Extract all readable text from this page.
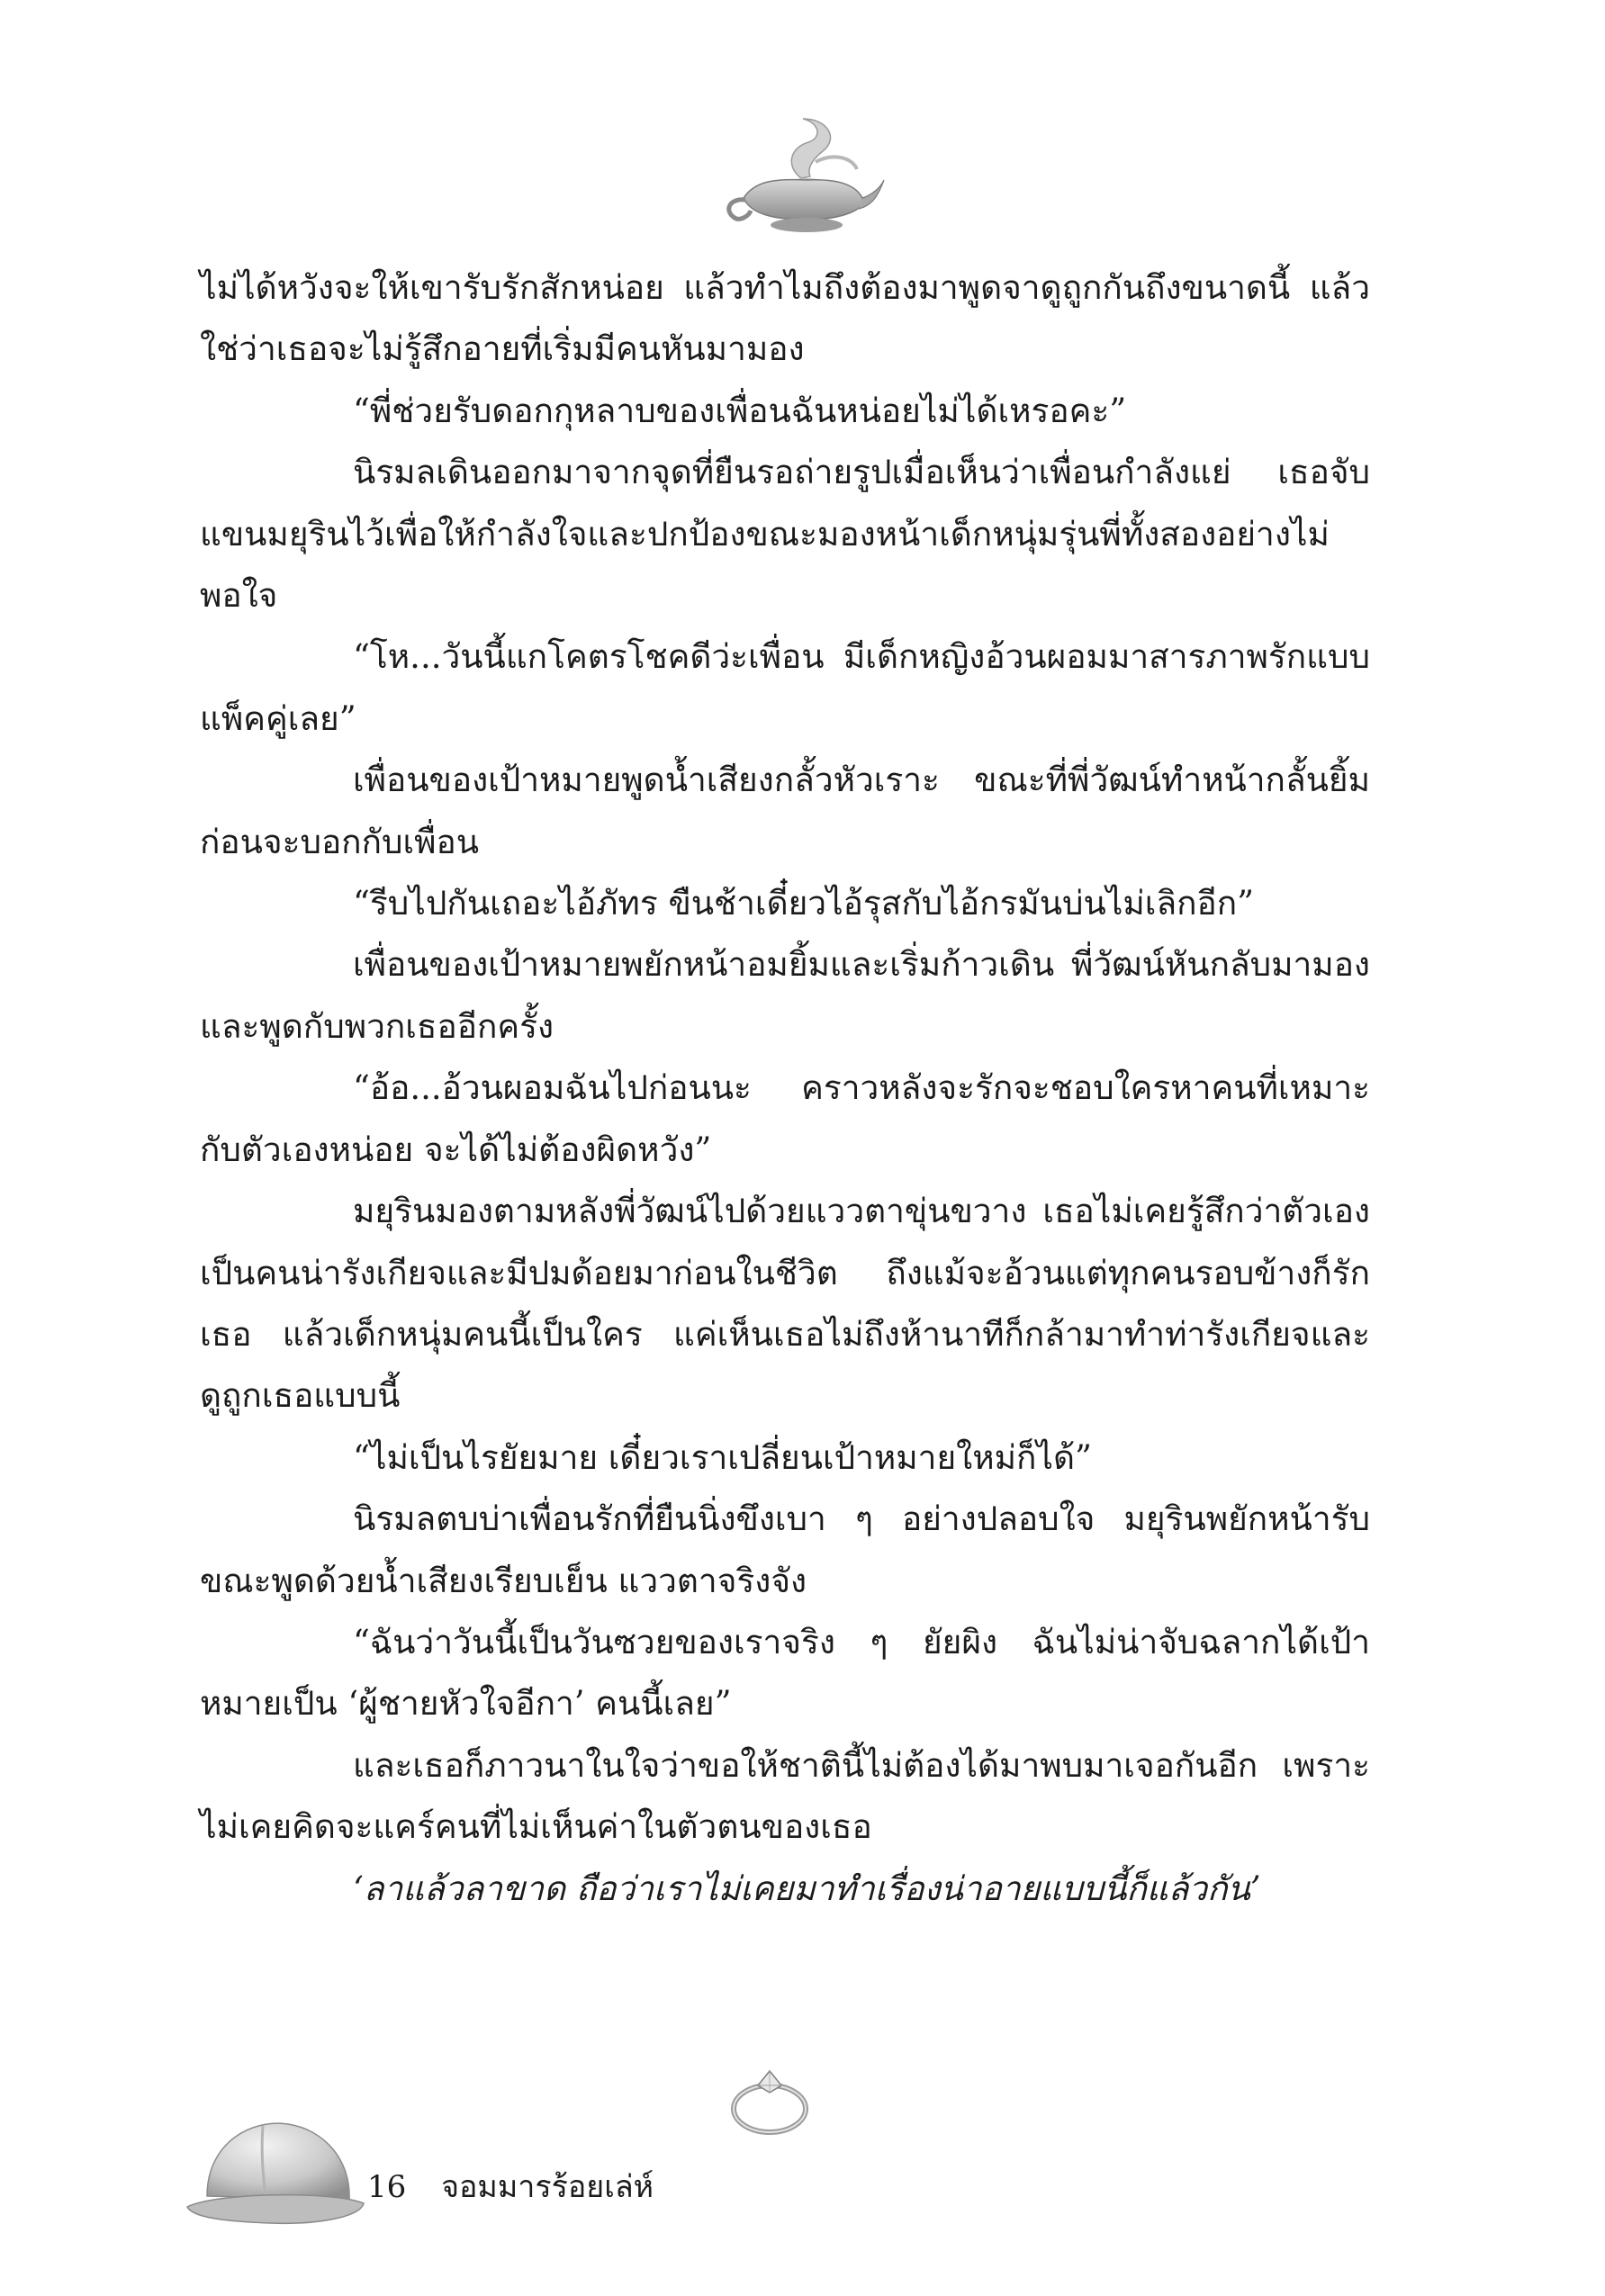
ไม่ได้หวังจะให้เขารับรักสักหน่อย แล้วทำไมถึงต้องมาพูดจาดูถูกกันถึงขนาดนี้ แล้วใช่ว่าเธอจะไม่รู้สึกอายที่เริ่มมีคนหันมามอง

“พี่ช่วยรับดอกกุหลาบของเพื่อนฉันหน่อยไม่ได้เหรอคะ”

นิรมลเดินออกมาจากจุดที่ยืนรอถ่ายรูปเมื่อเห็นว่าเพื่อนกำลังแย่ เธอจับแขนมยุรินไว้เพื่อให้กำลังใจและปกป้องขณะมองหน้าเด็กหนุ่มรุ่นพี่ทั้งสองอย่างไม่พอใจ

“โห...วันนี้แกโคตรโชคดีว่ะเพื่อน มีเด็กหญิงอ้วนผอมมาสารภาพรักแบบแพ็คคู่เลย”

เพื่อนของเป้าหมายพูดน้ำเสียงกลั้วหัวเราะ ขณะที่พี่วัฒน์ทำหน้ากลั้นยิ้มก่อนจะบอกกับเพื่อน

“รีบไปกันเถอะไอ้ภัทร ขืนช้าเดี๋ยวไอ้รุสกับไอ้กรมันบ่นไม่เลิกอีก”

เพื่อนของเป้าหมายพยักหน้าอมยิ้มและเริ่มก้าวเดิน พี่วัฒน์หันกลับมามองและพูดกับพวกเธออีกครั้ง

“อ้อ...อ้วนผอมฉันไปก่อนนะ คราวหลังจะรักจะชอบใครหาคนที่เหมาะกับตัวเองหน่อย จะได้ไม่ต้องผิดหวัง”

มยุรินมองตามหลังพี่วัฒน์ไปด้วยแววตาขุ่นขวาง เธอไม่เคยรู้สึกว่าตัวเองเป็นคนน่ารังเกียจและมีปมด้อยมาก่อนในชีวิต ถึงแม้จะอ้วนแต่ทุกคนรอบข้างก็รักเธอ แล้วเด็กหนุ่มคนนี้เป็นใคร แค่เห็นเธอไม่ถึงห้านาทีก็กล้ามาทำท่ารังเกียจและดูถูกเธอแบบนี้

“ไม่เป็นไรยัยมาย เดี๋ยวเราเปลี่ยนเป้าหมายใหม่ก็ได้”

นิรมลตบบ่าเพื่อนรักที่ยืนนิ่งขึงเบา ๆ อย่างปลอบใจ มยุรินพยักหน้ารับขณะพูดด้วยน้ำเสียงเรียบเย็น แววตาจริงจัง

“ฉันว่าวันนี้เป็นวันซวยของเราจริง ๆ ยัยผิง ฉันไม่น่าจับฉลากได้เป้าหมายเป็น ‘ผู้ชายหัวใจอีกา’ คนนี้เลย”

และเธอก็ภาวนาในใจว่าขอให้ชาตินี้ไม่ต้องได้มาพบมาเจอกันอีก เพราะไม่เคยคิดจะแคร์คนที่ไม่เห็นค่าในตัวตนของเธอ

‘ลาแล้วลาขาด ถือว่าเราไม่เคยมาทำเรื่องน่าอายแบบนี้ก็แล้วกัน’

16 จอมมารร้อยเล่ห์
